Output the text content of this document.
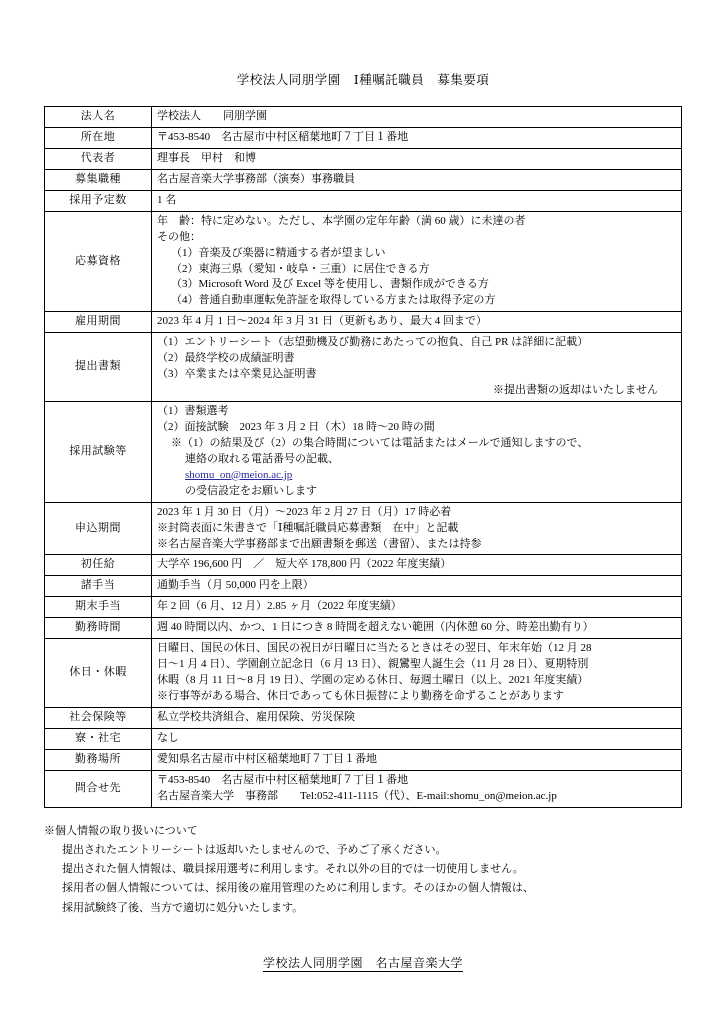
学校法人同朋学園　Ⅰ種嘱託職員　募集要項
法人名	学校法人　　同朋学園
所在地	〒453-8540　名古屋市中村区稲葉地町７丁目１番地
代表者	理事長　甲村　和博
募集職種	名古屋音楽大学事務部（演奏）事務職員
採用予定数	1 名
応募資格	
年　齢：特に定めない。ただし、本学園の定年年齢（満 60 歳）に未達の者
その他：
（1）音楽及び楽器に精通する者が望ましい
（2）東海三県（愛知・岐阜・三重）に居住できる方
（3）Microsoft Word 及び Excel 等を使用し、書類作成ができる方
（4）普通自動車運転免許証を取得している方または取得予定の方

雇用期間	2023 年 4 月 1 日〜2024 年 3 月 31 日（更新もあり、最大 4 回まで）
提出書類	（1）エントリーシート（志望動機及び勤務にあたっての抱負、自己 PR は詳細に記載）
（2）最終学校の成績証明書
（3）卒業または卒業見込証明書
※提出書類の返却はいたしません

採用試験等	
（1）書類選考
（2）面接試験　2023 年 3 月 2 日（木）18 時〜20 時の間
※（1）の結果及び（2）の集合時間については電話またはメールで通知しますので、
連絡の取れる電話番号の記載、
shomu_on@meion.ac.jp
の受信設定をお願いします

申込期間	2023 年 1 月 30 日（月）〜2023 年 2 月 27 日（月）17 時必着
※封筒表面に朱書きで「Ⅰ種嘱託職員応募書類　在中」と記載
※名古屋音楽大学事務部まで出願書類を郵送（書留）、または持参

初任給	大学卒 196,600 円　／　短大卒 178,800 円（2022 年度実績）
諸手当	通勤手当（月 50,000 円を上限）
期末手当	年 2 回（6 月、12 月）2.85 ヶ月（2022 年度実績）
勤務時間	週 40 時間以内、かつ、1 日につき 8 時間を超えない範囲（内休憩 60 分、時差出勤有り）
休日・休暇	日曜日、国民の休日、国民の祝日が日曜日に当たるときはその翌日、年末年始（12 月 28
日〜1 月 4 日）、学園創立記念日（6 月 13 日）、親鸞聖人誕生会（11 月 28 日）、夏期特別
休暇（8 月 11 日〜8 月 19 日）、学園の定める休日、毎週土曜日（以上、2021 年度実績）
※行事等がある場合、休日であっても休日振替により勤務を命ずることがあります

社会保険等	私立学校共済組合、雇用保険、労災保険
寮・社宅	なし
勤務場所	愛知県名古屋市中村区稲葉地町７丁目１番地
問合せ先	〒453-8540　名古屋市中村区稲葉地町７丁目１番地
名古屋音楽大学　事務部　　Tel:052-411-1115（代）、E-mail:shomu_on@meion.ac.jp
※個人情報の取り扱いについて
提出されたエントリーシートは返却いたしませんので、予めご了承ください。
提出された個人情報は、職員採用選考に利用します。それ以外の目的では一切使用しません。
採用者の個人情報については、採用後の雇用管理のために利用します。そのほかの個人情報は、
採用試験終了後、当方で適切に処分いたします。
学校法人同朋学園　名古屋音楽大学
